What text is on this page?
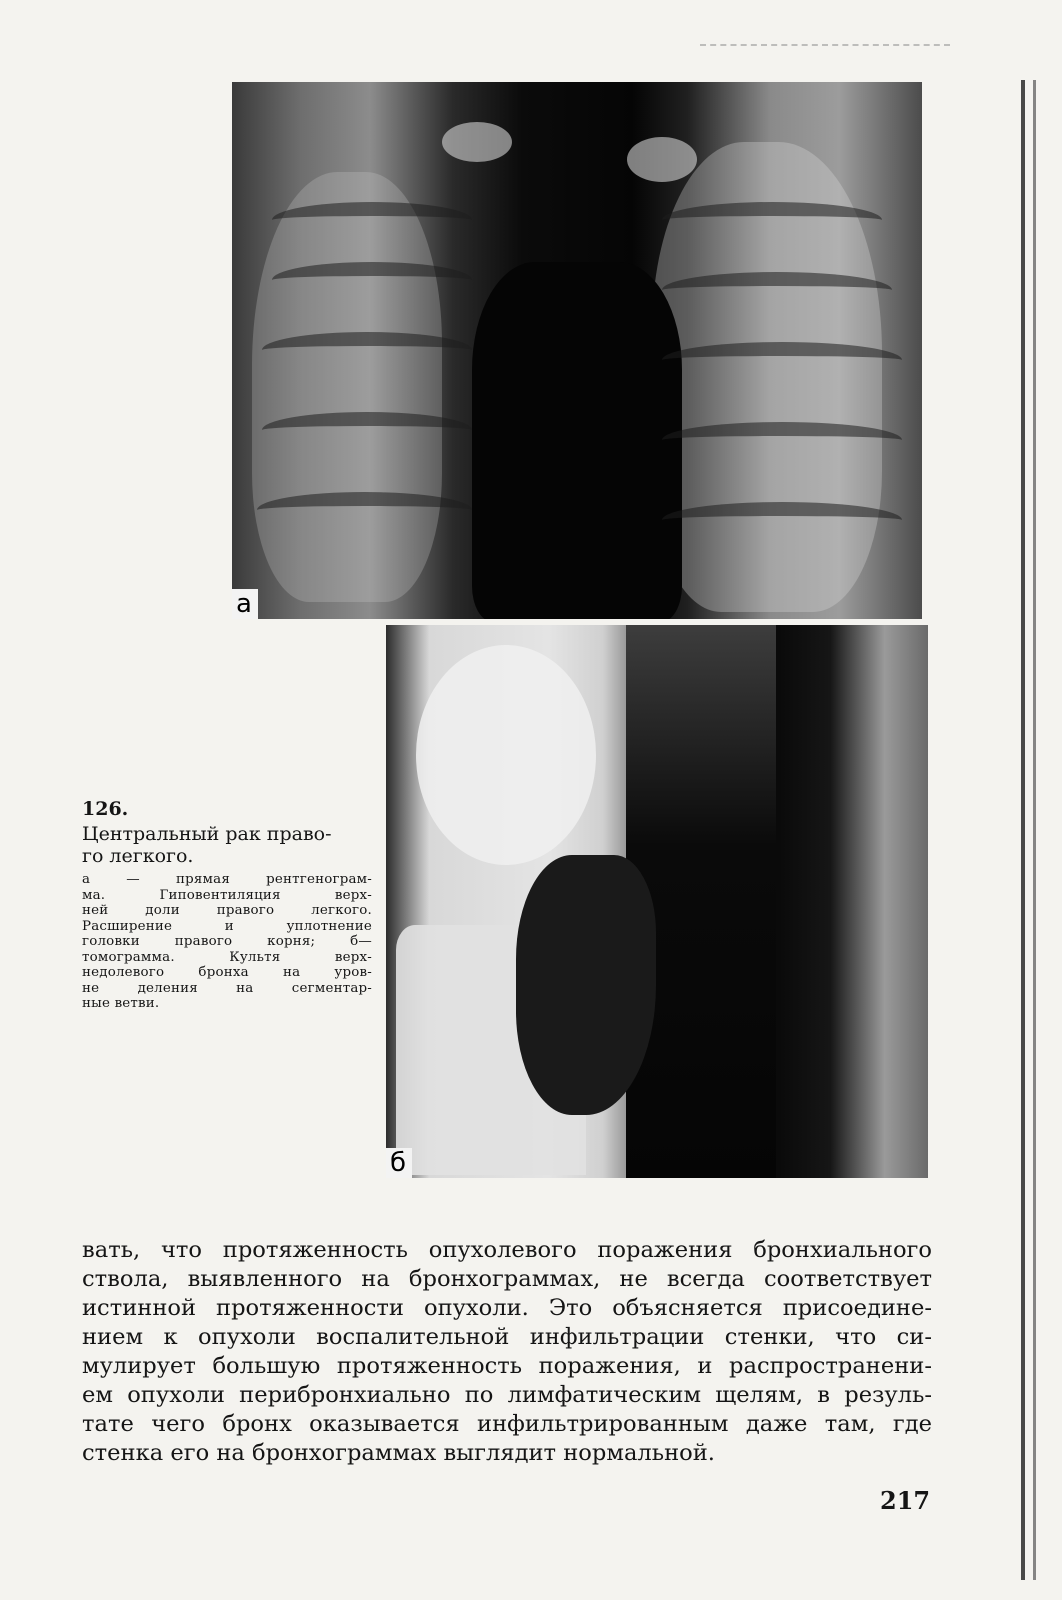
а
б
126.
Центральный рак право-
го легкого.
а — прямая рентгенограм-
ма. Гиповентиляция верх-
ней доли правого легкого.
Расширение и уплотнение
головки правого корня; б—
томограмма. Культя верх-
недолевого бронха на уров-
не деления на сегментар-
ные ветви.
вать, что протяженность опухолевого поражения бронхиального
ствола, выявленного на бронхограммах, не всегда соответствует
истинной протяженности опухоли. Это объясняется присоедине-
нием к опухоли воспалительной инфильтрации стенки, что си-
мулирует большую протяженность поражения, и распространени-
ем опухоли перибронхиально по лимфатическим щелям, в резуль-
тате чего бронх оказывается инфильтрированным даже там, где
стенка его на бронхограммах выглядит нормальной.
217
